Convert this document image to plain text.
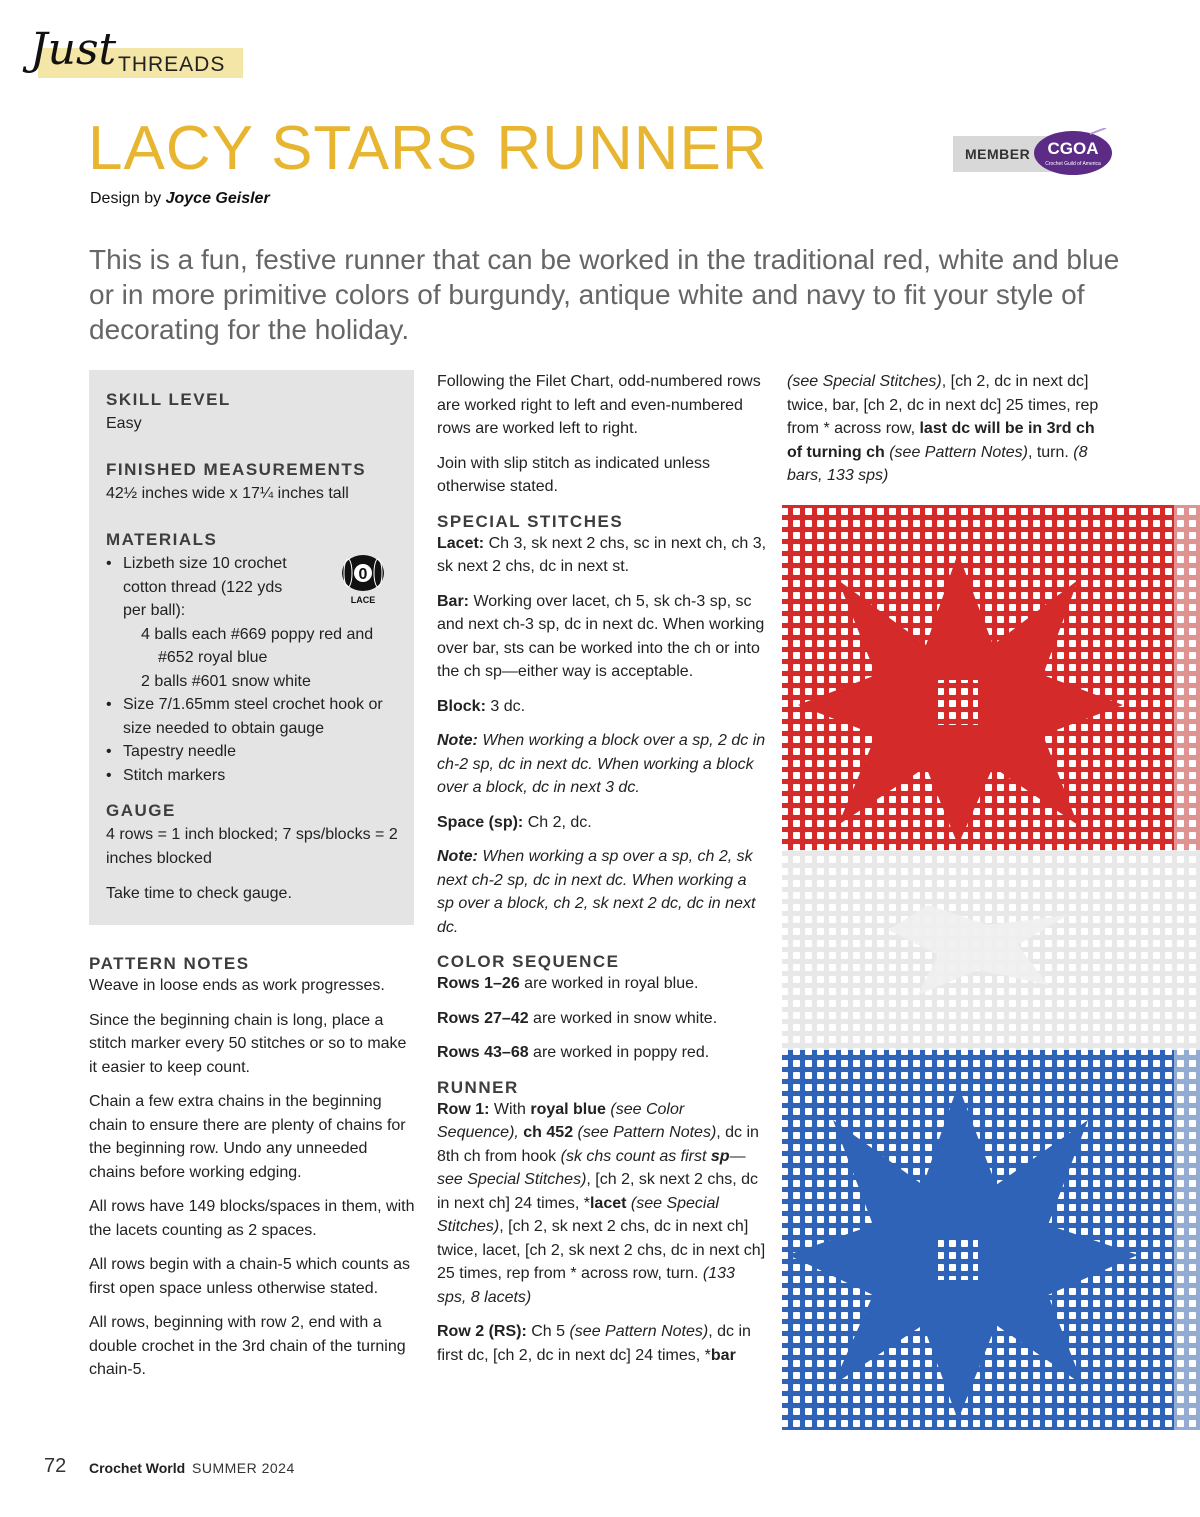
Just THREADS
LACY STARS RUNNER
Design by Joyce Geisler
MEMBER CGOA
Crochet Guild of America

This is a fun, festive runner that can be worked in the traditional red, white and blue or in more primitive colors of burgundy, antique white and navy to fit your style of decorating for the holiday.

SKILL LEVEL
Easy
FINISHED MEASUREMENTS
42½ inches wide x 17¼ inches tall
MATERIALS
• Lizbeth size 10 crochet
cotton thread (122 yds
per ball):
4 balls each #669 poppy red and
#652 royal blue
2 balls #601 snow white
• Size 7/1.65mm steel crochet hook or
size needed to obtain gauge
• Tapestry needle
• Stitch markers
0
LACE
GAUGE
4 rows = 1 inch blocked; 7 sps/blocks = 2 inches blocked
Take time to check gauge.
PATTERN NOTES

Weave in loose ends as work progresses.

Since the beginning chain is long, place a stitch marker every 50 stitches or so to make it easier to keep count.

Chain a few extra chains in the beginning chain to ensure there are plenty of chains for the beginning row. Undo any unneeded chains before working edging.

All rows have 149 blocks/spaces in them, with the lacets counting as 2 spaces.

All rows begin with a chain-5 which counts as first open space unless otherwise stated.

All rows, beginning with row 2, end with a double crochet in the 3rd chain of the turning chain-5.

Following the Filet Chart, odd-numbered rows are worked right to left and even-numbered rows are worked left to right.

Join with slip stitch as indicated unless otherwise stated.

SPECIAL STITCHES

Lacet: Ch 3, sk next 2 chs, sc in next ch, ch 3, sk next 2 chs, dc in next st.

Bar: Working over lacet, ch 5, sk ch-3 sp, sc and next ch-3 sp, dc in next dc. When working over bar, sts can be worked into the ch or into the ch sp—either way is acceptable.

Block: 3 dc.

Note: When working a block over a sp, 2 dc in ch-2 sp, dc in next dc. When working a block over a block, dc in next 3 dc.

Space (sp): Ch 2, dc.

Note: When working a sp over a sp, ch 2, sk next ch-2 sp, dc in next dc. When working a sp over a block, ch 2, sk next 2 dc, dc in next dc.

COLOR SEQUENCE

Rows 1–26 are worked in royal blue.

Rows 27–42 are worked in snow white.

Rows 43–68 are worked in poppy red.

RUNNER

Row 1: With royal blue (see Color Sequence), ch 452 (see Pattern Notes), dc in 8th ch from hook (sk chs count as first sp—see Special Stitches), [ch 2, sk next 2 chs, dc in next ch] 24 times, *lacet (see Special Stitches), [ch 2, sk next 2 chs, dc in next ch] twice, lacet, [ch 2, sk next 2 chs, dc in next ch] 25 times, rep from * across row, turn. (133 sps, 8 lacets)

Row 2 (RS): Ch 5 (see Pattern Notes), dc in first dc, [ch 2, dc in next dc] 24 times, *bar

(see Special Stitches), [ch 2, dc in next dc] twice, bar, [ch 2, dc in next dc] 25 times, rep from * across row, last dc will be in 3rd ch of turning ch (see Pattern Notes), turn. (8 bars, 133 sps)

72 Crochet World SUMMER 2024
